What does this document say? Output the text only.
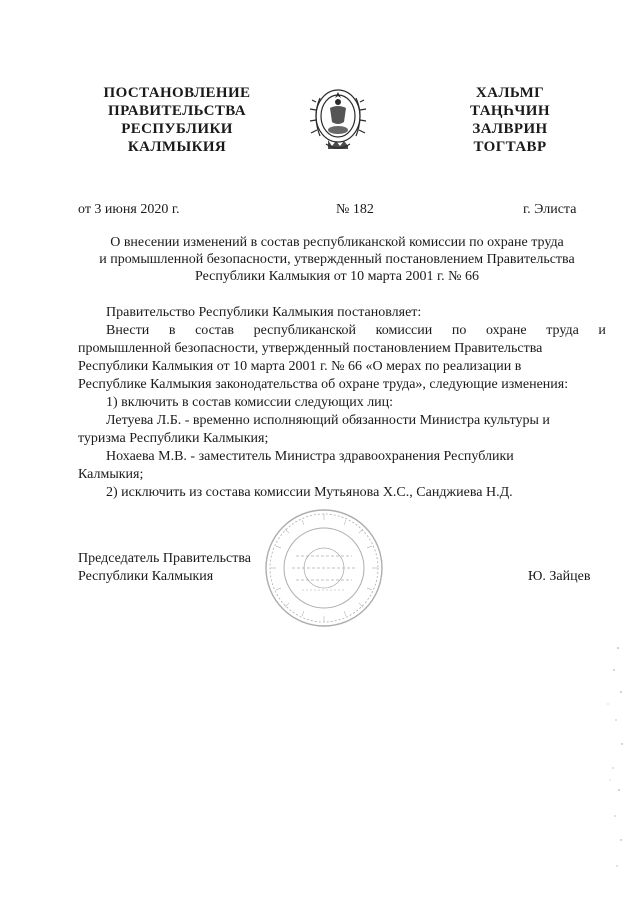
ПОСТАНОВЛЕНИЕ
ПРАВИТЕЛЬСТВА
РЕСПУБЛИКИ
КАЛМЫКИЯ
ХАЛЬМГ
ТАҢҺЧИН
ЗАЛВРИН
ТОГТАВР
от 3 июня 2020 г.	№ 182	г. Элиста
О внесении изменений в состав республиканской комиссии по охране труда
и промышленной безопасности, утвержденный постановлением Правительства
Республики Калмыкия от 10 марта 2001 г. № 66
Правительство Республики Калмыкия постановляет:
Внести в состав республиканской комиссии по охране труда и
промышленной безопасности, утвержденный постановлением Правительства
Республики Калмыкия от 10 марта 2001 г. № 66 «О мерах по реализации в
Республике Калмыкия законодательства об охране труда», следующие изменения:
1) включить в состав комиссии следующих лиц:
Летуева Л.Б. - временно исполняющий обязанности Министра культуры и
туризма Республики Калмыкия;
Нохаева М.В. - заместитель Министра здравоохранения Республики
Калмыкия;
2) исключить из состава комиссии Мутьянова Х.С., Санджиева Н.Д.
Председатель Правительства
Республики Калмыкия	Ю. Зайцев
